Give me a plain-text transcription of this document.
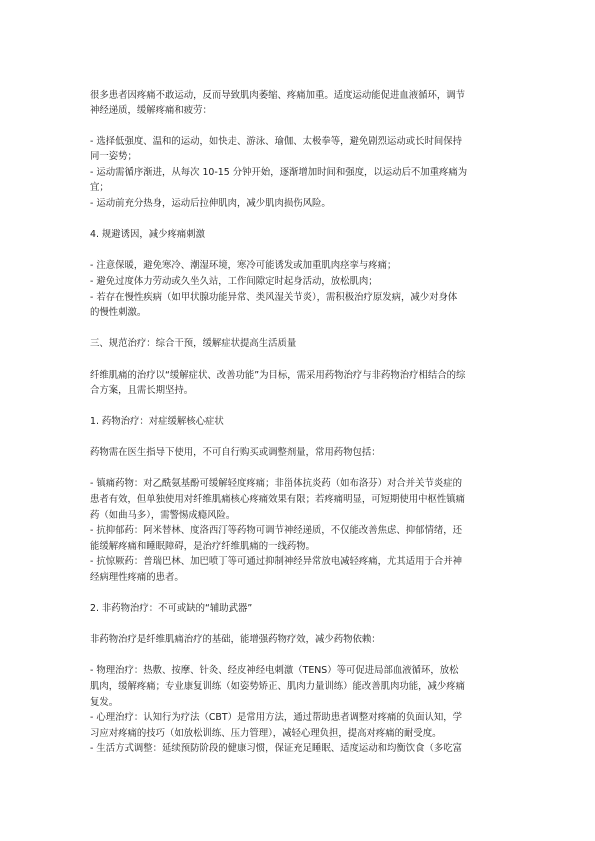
很多患者因疼痛不敢运动，反而导致肌肉萎缩、疼痛加重。适度运动能促进血液循环，调节
神经递质，缓解疼痛和疲劳：
- 选择低强度、温和的运动，如快走、游泳、瑜伽、太极拳等，避免剧烈运动或长时间保持
同一姿势；
- 运动需循序渐进，从每次 10-15 分钟开始，逐渐增加时间和强度，以运动后不加重疼痛为
宜；
- 运动前充分热身，运动后拉伸肌肉，减少肌肉损伤风险。
4. 规避诱因，减少疼痛刺激
- 注意保暖，避免寒冷、潮湿环境，寒冷可能诱发或加重肌肉痉挛与疼痛；
- 避免过度体力劳动或久坐久站，工作间隙定时起身活动，放松肌肉；
- 若存在慢性疾病（如甲状腺功能异常、类风湿关节炎），需积极治疗原发病，减少对身体
的慢性刺激。
三、规范治疗：综合干预，缓解症状提高生活质量
纤维肌痛的治疗以“缓解症状、改善功能”为目标，需采用药物治疗与非药物治疗相结合的综
合方案，且需长期坚持。
1. 药物治疗：对症缓解核心症状
药物需在医生指导下使用，不可自行购买或调整剂量，常用药物包括：
- 镇痛药物：对乙酰氨基酚可缓解轻度疼痛；非甾体抗炎药（如布洛芬）对合并关节炎症的
患者有效，但单独使用对纤维肌痛核心疼痛效果有限；若疼痛明显，可短期使用中枢性镇痛
药（如曲马多），需警惕成瘾风险。
- 抗抑郁药：阿米替林、度洛西汀等药物可调节神经递质，不仅能改善焦虑、抑郁情绪，还
能缓解疼痛和睡眠障碍，是治疗纤维肌痛的一线药物。
- 抗惊厥药：普瑞巴林、加巴喷丁等可通过抑制神经异常放电减轻疼痛，尤其适用于合并神
经病理性疼痛的患者。
2. 非药物治疗：不可或缺的“辅助武器”
非药物治疗是纤维肌痛治疗的基础，能增强药物疗效，减少药物依赖：
- 物理治疗：热敷、按摩、针灸、经皮神经电刺激（TENS）等可促进局部血液循环，放松
肌肉，缓解疼痛；专业康复训练（如姿势矫正、肌肉力量训练）能改善肌肉功能，减少疼痛
复发。
- 心理治疗：认知行为疗法（CBT）是常用方法，通过帮助患者调整对疼痛的负面认知，学
习应对疼痛的技巧（如放松训练、压力管理），减轻心理负担，提高对疼痛的耐受度。
- 生活方式调整：延续预防阶段的健康习惯，保证充足睡眠、适度运动和均衡饮食（多吃富
